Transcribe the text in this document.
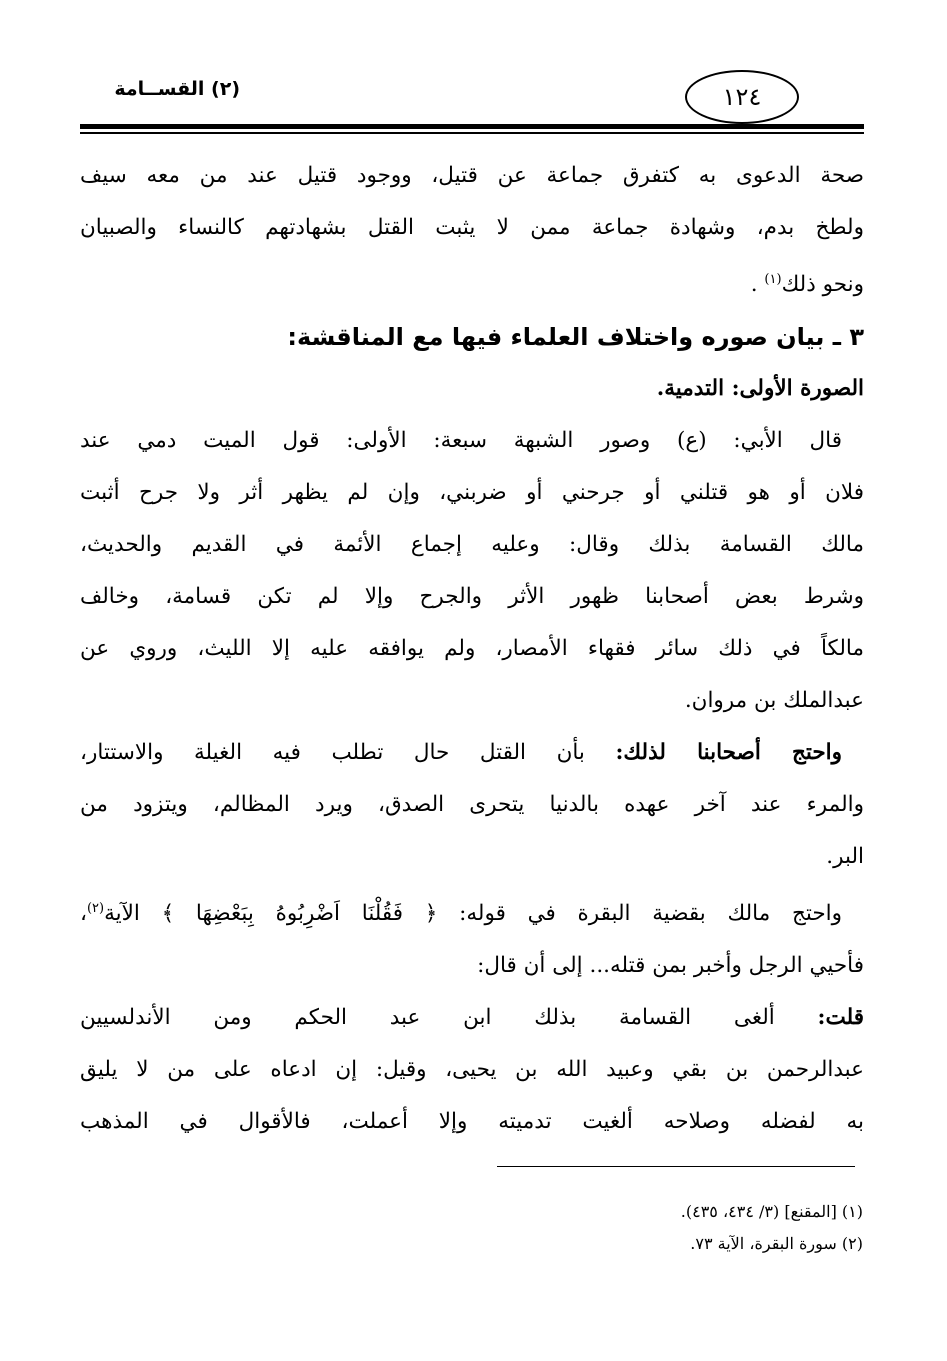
١٢٤
(٢) القســامة
صحة الدعوى به كتفرق جماعة عن قتيل، ووجود قتيل عند من معه سيف
ولطخ بدم، وشهادة جماعة ممن لا يثبت القتل بشهادتهم كالنساء والصبيان
ونحو ذلك$^{(١)}$ .
٣ ـ بيان صوره واختلاف العلماء فيها مع المناقشة:
الصورة الأولى: التدمية.
قال الأبي: (ع) وصور الشبهة سبعة: الأولى: قول الميت دمي عند
فلان أو هو قتلني أو جرحني أو ضربني، وإن لم يظهر أثر ولا جرح أثبت
مالك القسامة بذلك وقال: وعليه إجماع الأئمة في القديم والحديث،
وشرط بعض أصحابنا ظهور الأثر والجرح وإلا لم تكن قسامة، وخالف
مالكاً في ذلك سائر فقهاء الأمصار، ولم يوافقه عليه إلا الليث، وروي عن
عبدالملك بن مروان.
واحتج أصحابنا لذلك: بأن القتل حال تطلب فيه الغيلة والاستتار،
والمرء عند آخر عهده بالدنيا يتحرى الصدق، ويرد المظالم، ويتزود من
البر.
واحتج مالك بقضية البقرة في قوله: ﴿ فَقُلْنَا اَضْرِبُوهُ بِبَعْضِهَا ﴾ الآية$^{(٢)}$،
فأحيي الرجل وأخبر بمن قتله... إلى أن قال:
قلت: ألغى القسامة بذلك ابن عبد الحكم ومن الأندلسيين
عبدالرحمن بن بقي وعبيد الله بن يحيى، وقيل: إن ادعاه على من لا يليق
به لفضله وصلاحه ألغيت تدميته وإلا أعملت، فالأقوال في المذهب
(١) [المقنع] (٣/ ٤٣٤، ٤٣٥).
(٢) سورة البقرة، الآية ٧٣.
